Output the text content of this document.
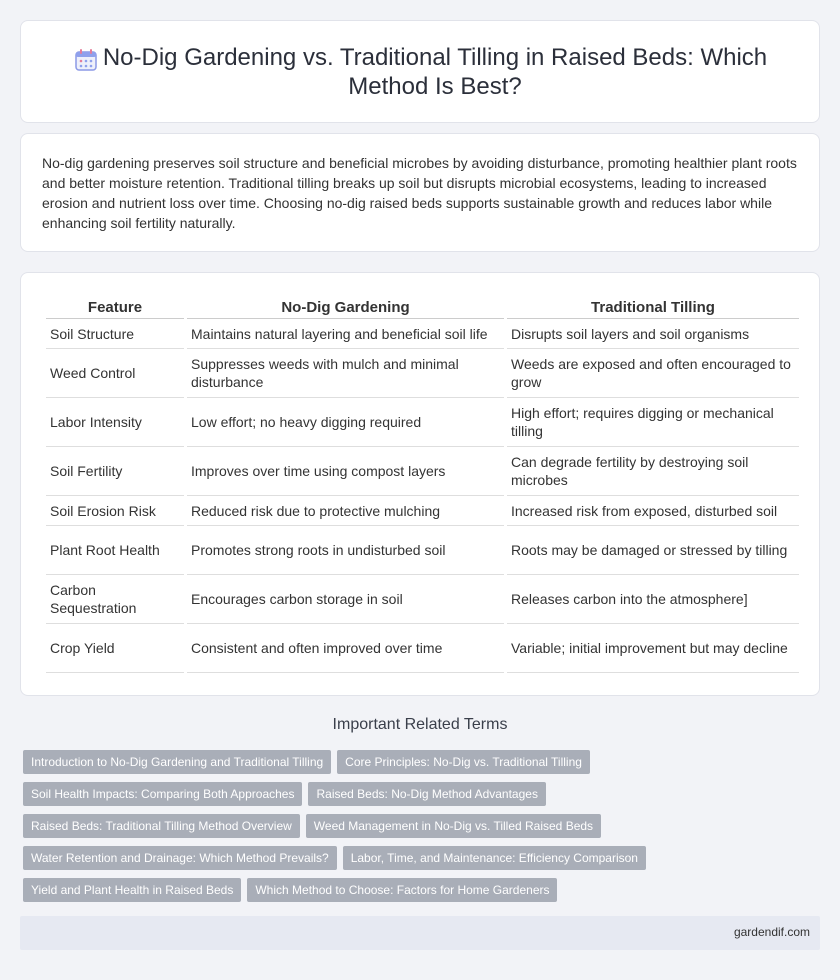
No-Dig Gardening vs. Traditional Tilling in Raised Beds: Which Method Is Best?

No-dig gardening preserves soil structure and beneficial microbes by avoiding disturbance, promoting healthier plant roots and better moisture retention. Traditional tilling breaks up soil but disrupts microbial ecosystems, leading to increased erosion and nutrient loss over time. Choosing no-dig raised beds supports sustainable growth and reduces labor while enhancing soil fertility naturally.

Feature	No-Dig Gardening	Traditional Tilling
Soil Structure	Maintains natural layering and beneficial soil life	Disrupts soil layers and soil organisms
Weed Control	Suppresses weeds with mulch and minimal disturbance	Weeds are exposed and often encouraged to grow
Labor Intensity	Low effort; no heavy digging required	High effort; requires digging or mechanical tilling
Soil Fertility	Improves over time using compost layers	Can degrade fertility by destroying soil microbes
Soil Erosion Risk	Reduced risk due to protective mulching	Increased risk from exposed, disturbed soil
Plant Root Health	Promotes strong roots in undisturbed soil	Roots may be damaged or stressed by tilling
Carbon Sequestration	Encourages carbon storage in soil	Releases carbon into the atmosphere]
Crop Yield	Consistent and often improved over time	Variable; initial improvement but may decline
Important Related Terms
Introduction to No-Dig Gardening and Traditional Tilling Core Principles: No-Dig vs. Traditional Tilling
Soil Health Impacts: Comparing Both Approaches Raised Beds: No-Dig Method Advantages
Raised Beds: Traditional Tilling Method Overview Weed Management in No-Dig vs. Tilled Raised Beds
Water Retention and Drainage: Which Method Prevails? Labor, Time, and Maintenance: Efficiency Comparison
Yield and Plant Health in Raised Beds Which Method to Choose: Factors for Home Gardeners
gardendif.com
